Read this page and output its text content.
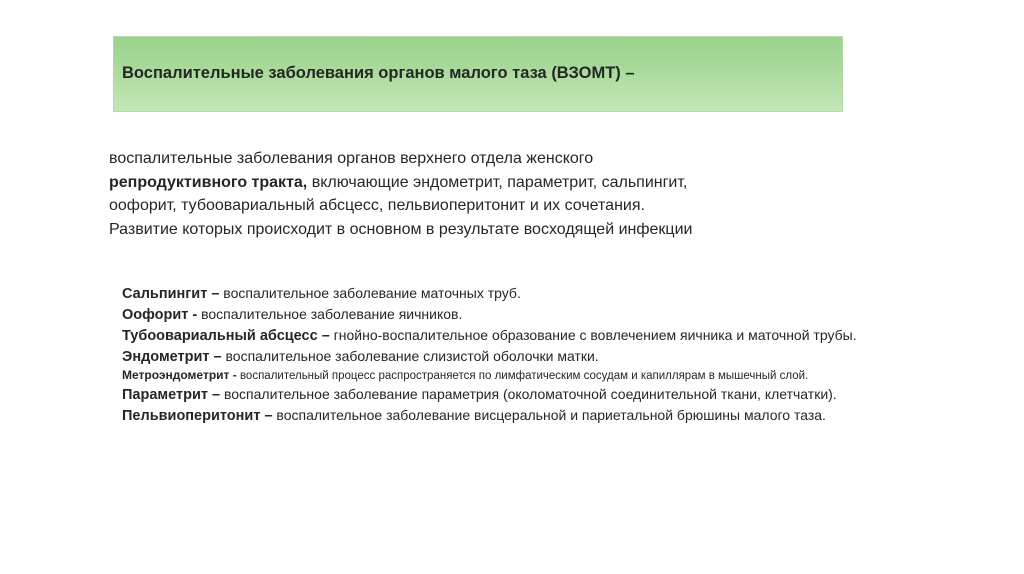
Воспалительные заболевания органов малого таза (ВЗОМТ) –
воспалительные заболевания органов верхнего отдела женского
репродуктивного тракта, включающие эндометрит, параметрит, сальпингит,
оофорит, тубоовариальный абсцесс, пельвиоперитонит и их сочетания.
Развитие которых происходит в основном в результате восходящей инфекции
Сальпингит – воспалительное заболевание маточных труб.
Оофорит - воспалительное заболевание яичников.
Тубоовариальный абсцесс – гнойно-воспалительное образование с вовлечением яичника и маточной трубы.
Эндометрит – воспалительное заболевание слизистой оболочки матки.
Метроэндометрит - воспалительный процесс распространяется по лимфатическим сосудам и капиллярам в мышечный слой.
Параметрит – воспалительное заболевание параметрия (околоматочной соединительной ткани, клетчатки).
Пельвиоперитонит – воспалительное заболевание висцеральной и париетальной брюшины малого таза.
